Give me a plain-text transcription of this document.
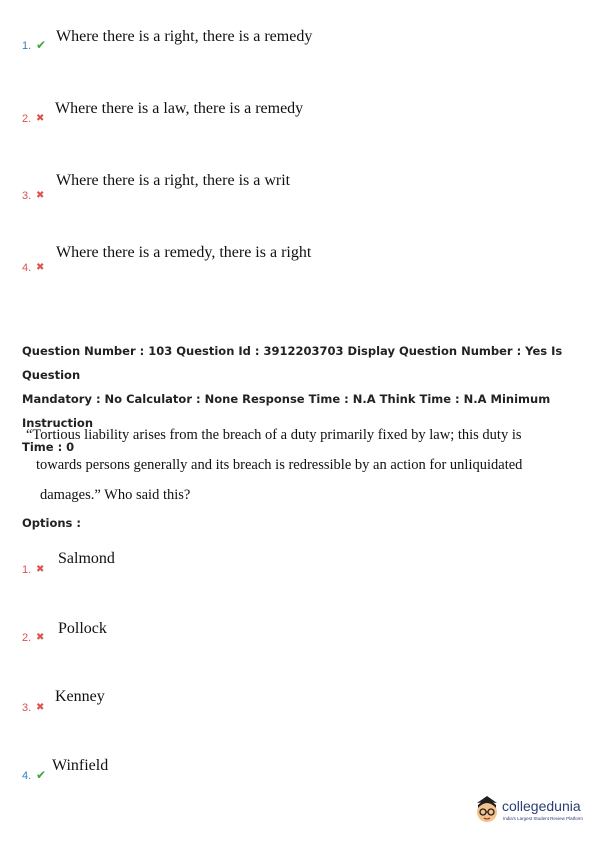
1. ✔ Where there is a right, there is a remedy
2. ✖
Where there is a law, there is a remedy
3. ✖
Where there is a right, there is a writ
4. ✖
Where there is a remedy, there is a right
Question Number : 103 Question Id : 3912203703 Display Question Number : Yes Is Question
Mandatory : No Calculator : None Response Time : N.A Think Time : N.A Minimum Instruction
Time : 0
“Tortious liability arises from the breach of a duty primarily fixed by law; this duty is
towards persons generally and its breach is redressible by an action for unliquidated
damages.” Who said this?
Options :
1. ✖
Salmond
2. ✖
Pollock
3. ✖
Kenney
4. ✔
Winfield
collegedunia
India's Largest Student Review Platform
